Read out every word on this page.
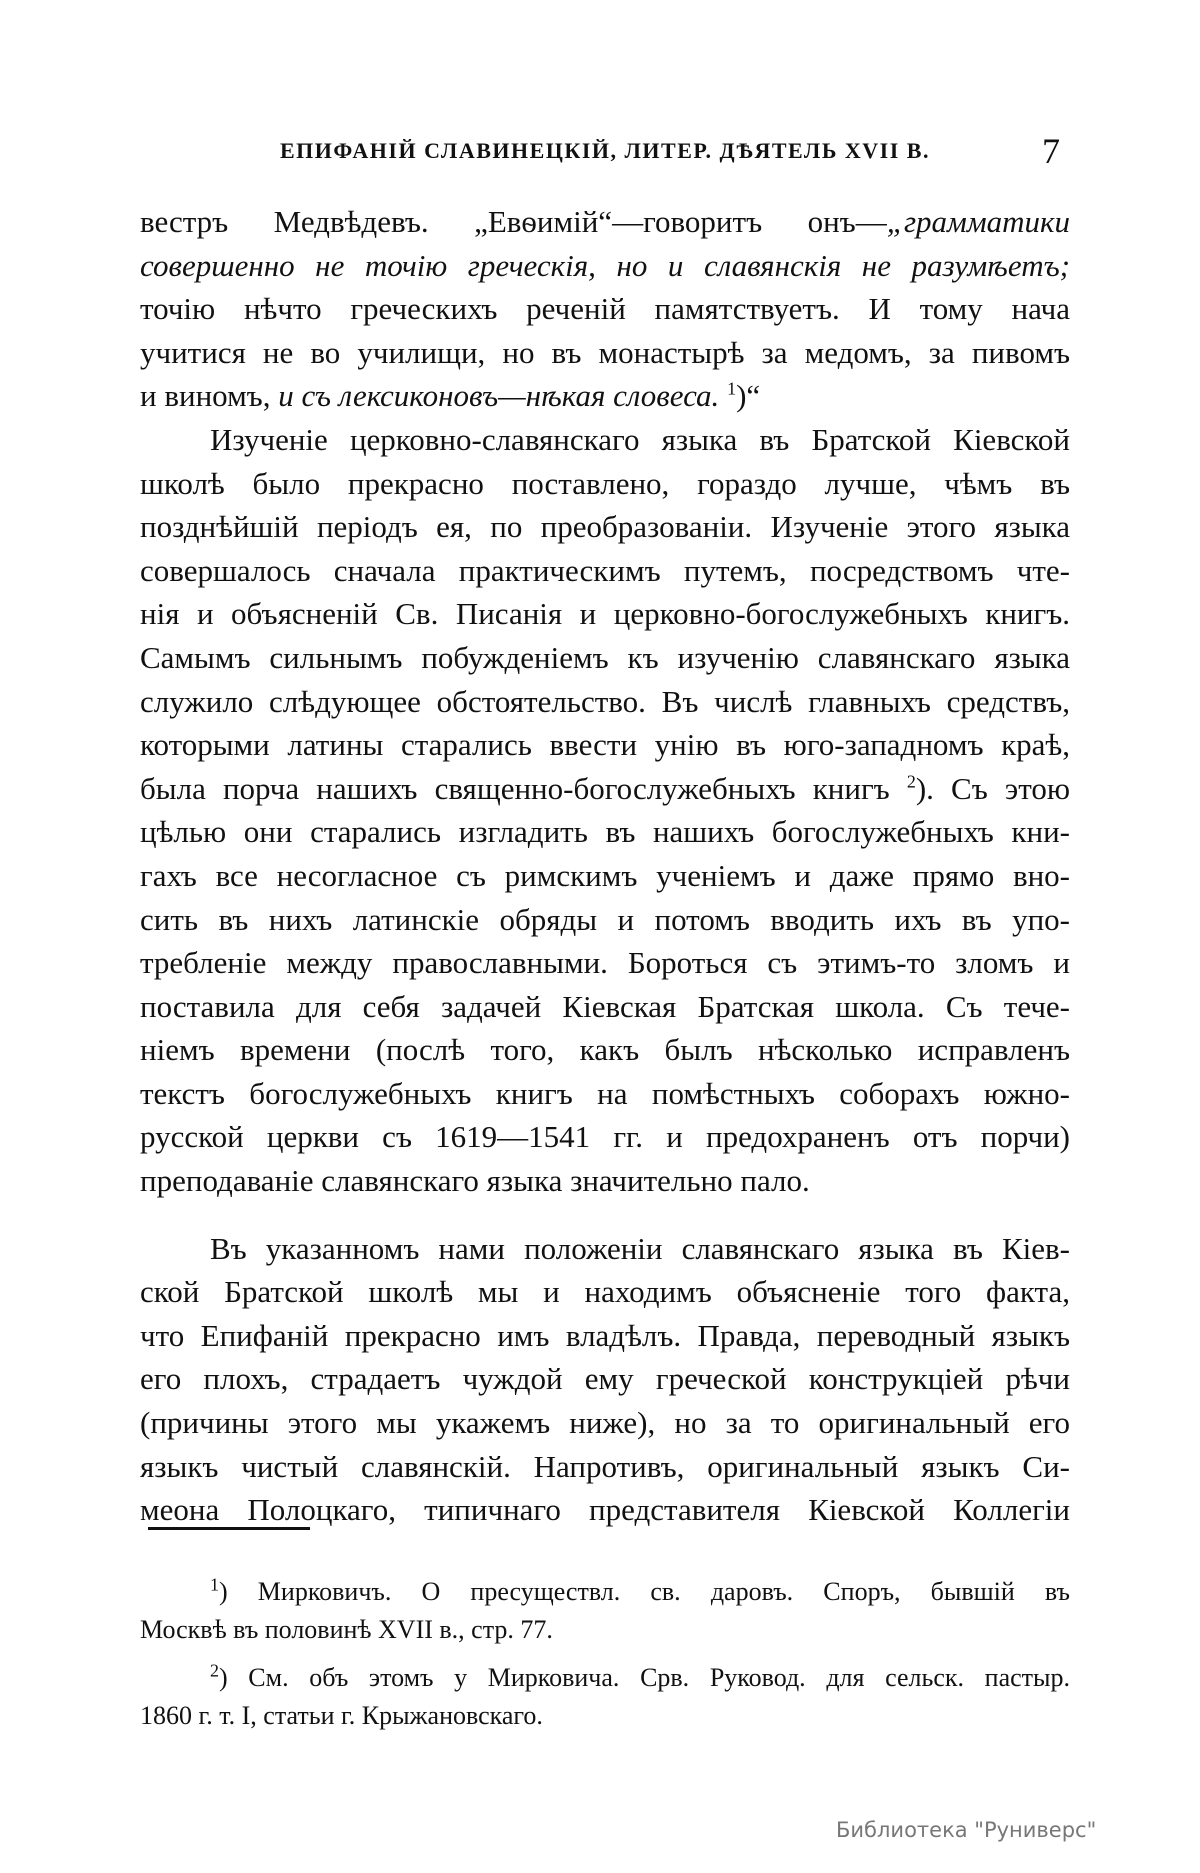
ЕПИФАНІЙ СЛАВИНЕЦКІЙ, ЛИТЕР. ДѢЯТЕЛЬ XVII В.	7
вестръ Медвѣдевъ. „Евѳимій“—говоритъ онъ—„грамматики
совершенно не точію греческія, но и славянскія не разумѣетъ;
точію нѣчто греческихъ реченій памятствуетъ. И тому нача
учитися не во училищи, но въ монастырѣ за медомъ, за пивомъ
и виномъ, и съ лексиконовъ—нѣкая словеса. $^1$)“
Изученіе церковно-славянскаго языка въ Братской Кіевской
школѣ было прекрасно поставлено, гораздо лучше, чѣмъ въ
позднѣйшій періодъ ея, по преобразованіи. Изученіе этого языка
совершалось сначала практическимъ путемъ, посредствомъ чте-
нія и объясненій Св. Писанія и церковно-богослужебныхъ книгъ.
Самымъ сильнымъ побужденіемъ къ изученію славянскаго языка
служило слѣдующее обстоятельство. Въ числѣ главныхъ средствъ,
которыми латины старались ввести унію въ юго-западномъ краѣ,
была порча нашихъ священно-богослужебныхъ книгъ $^2$). Съ этою
цѣлью они старались изгладить въ нашихъ богослужебныхъ кни-
гахъ все несогласное съ римскимъ ученіемъ и даже прямо вно-
сить въ нихъ латинскіе обряды и потомъ вводить ихъ въ упо-
требленіе между православными. Бороться съ этимъ-то зломъ и
поставила для себя задачей Кіевская Братская школа. Съ тече-
ніемъ времени (послѣ того, какъ былъ нѣсколько исправленъ
текстъ богослужебныхъ книгъ на помѣстныхъ соборахъ южно-
русской церкви съ 1619—1541 гг. и предохраненъ отъ порчи)
преподаваніе славянскаго языка значительно пало.
Въ указанномъ нами положеніи славянскаго языка въ Кіев-
ской Братской школѣ мы и находимъ объясненіе того факта,
что Епифаній прекрасно имъ владѣлъ. Правда, переводный языкъ
его плохъ, страдаетъ чуждой ему греческой конструкціей рѣчи
(причины этого мы укажемъ ниже), но за то оригинальный его
языкъ чистый славянскій. Напротивъ, оригинальный языкъ Си-
меона Полоцкаго, типичнаго представителя Кіевской Коллегіи
$^1$) Мирковичъ. О пресуществл. св. даровъ. Споръ, бывшій въ
Москвѣ въ половинѣ XVII в., стр. 77.
$^2$) См. объ этомъ у Мирковича. Срв. Руковод. для сельск. пастыр.
1860 г. т. I, статьи г. Крыжановскаго.
Библиотека "Руниверс"
